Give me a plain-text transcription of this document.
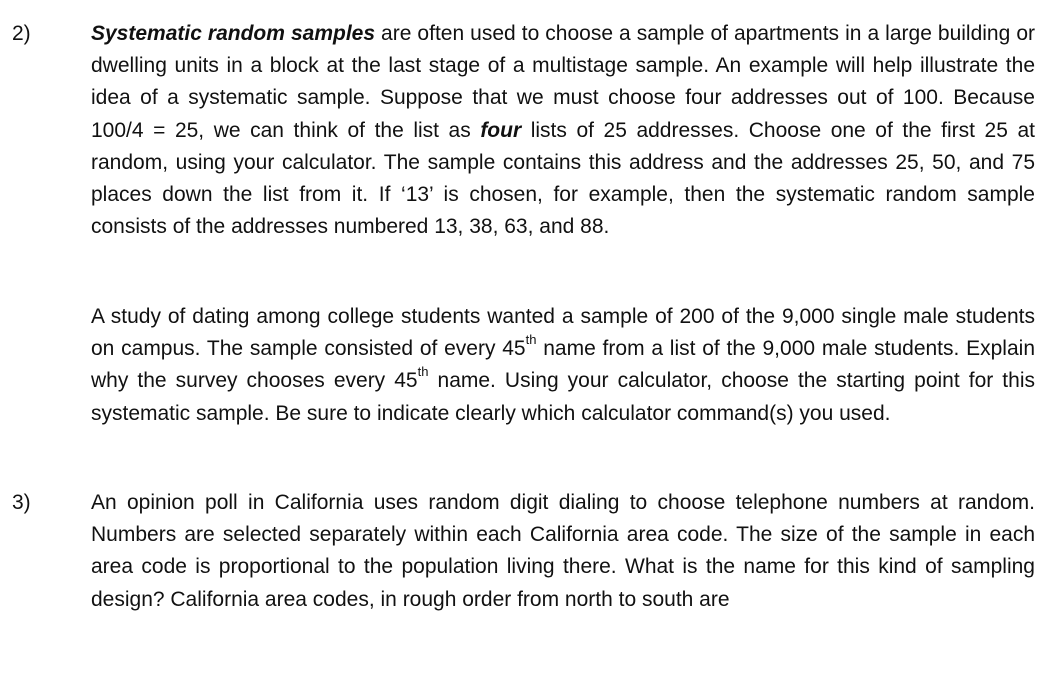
2)	Systematic random samples are often used to choose a sample of apartments in a large building or dwelling units in a block at the last stage of a multistage sample. An example will help illustrate the idea of a systematic sample. Suppose that we must choose four addresses out of 100. Because 100/4 = 25, we can think of the list as four lists of 25 addresses. Choose one of the first 25 at random, using your calculator. The sample contains this address and the addresses 25, 50, and 75 places down the list from it. If ‘13’ is chosen, for example, then the systematic random sample consists of the addresses numbered 13, 38, 63, and 88.

A study of dating among college students wanted a sample of 200 of the 9,000 single male students on campus. The sample consisted of every 45th name from a list of the 9,000 male students. Explain why the survey chooses every 45th name. Using your calculator, choose the starting point for this systematic sample. Be sure to indicate clearly which calculator command(s) you used.

3)	An opinion poll in California uses random digit dialing to choose telephone numbers at random. Numbers are selected separately within each California area code. The size of the sample in each area code is proportional to the population living there. What is the name for this kind of sampling design? California area codes, in rough order from north to south are
